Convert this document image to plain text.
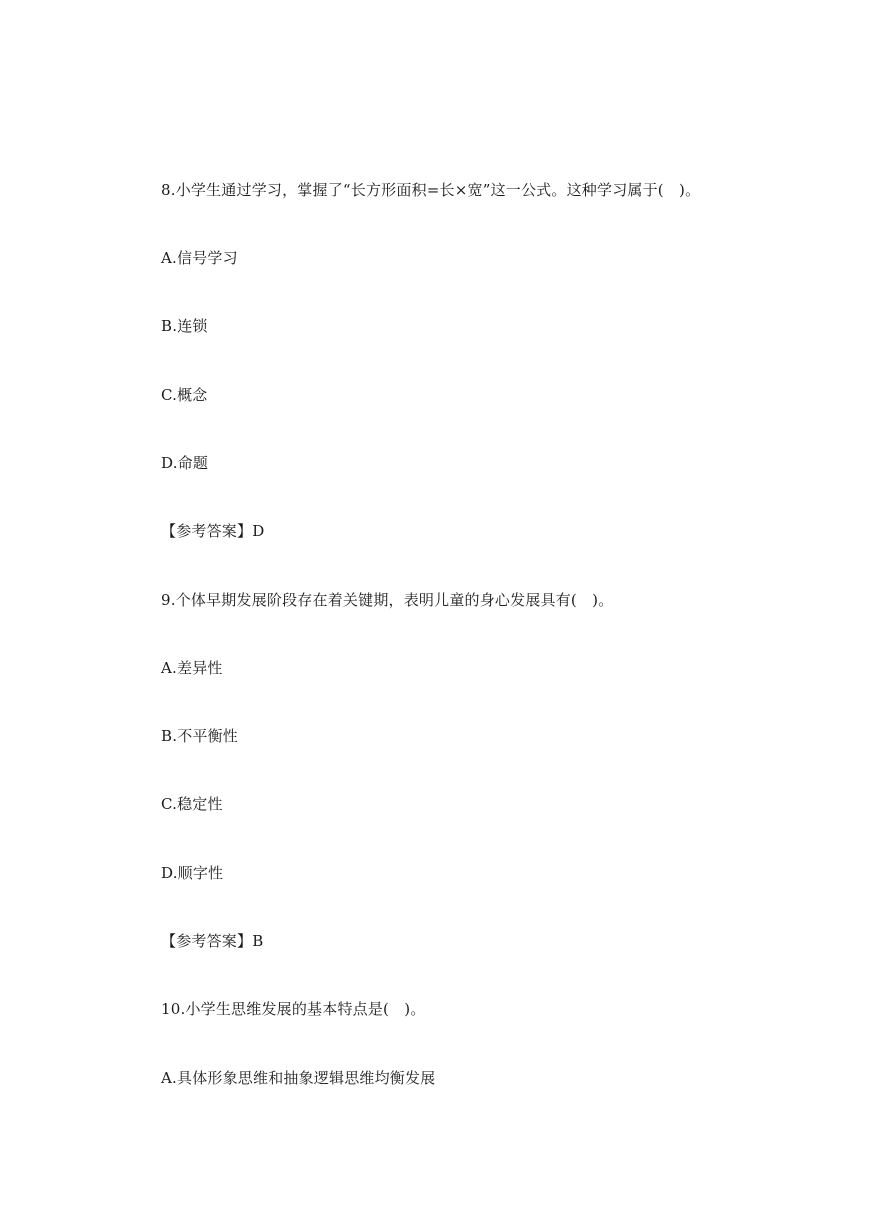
8.小学生通过学习，掌握了“长方形面积=长×宽”这一公式。这种学习属于(　)。
A.信号学习
B.连锁
C.概念
D.命题
【参考答案】D
9.个体早期发展阶段存在着关键期，表明儿童的身心发展具有(　)。
A.差异性
B.不平衡性
C.稳定性
D.顺字性
【参考答案】B
10.小学生思维发展的基本特点是(　)。
A.具体形象思维和抽象逻辑思维均衡发展
